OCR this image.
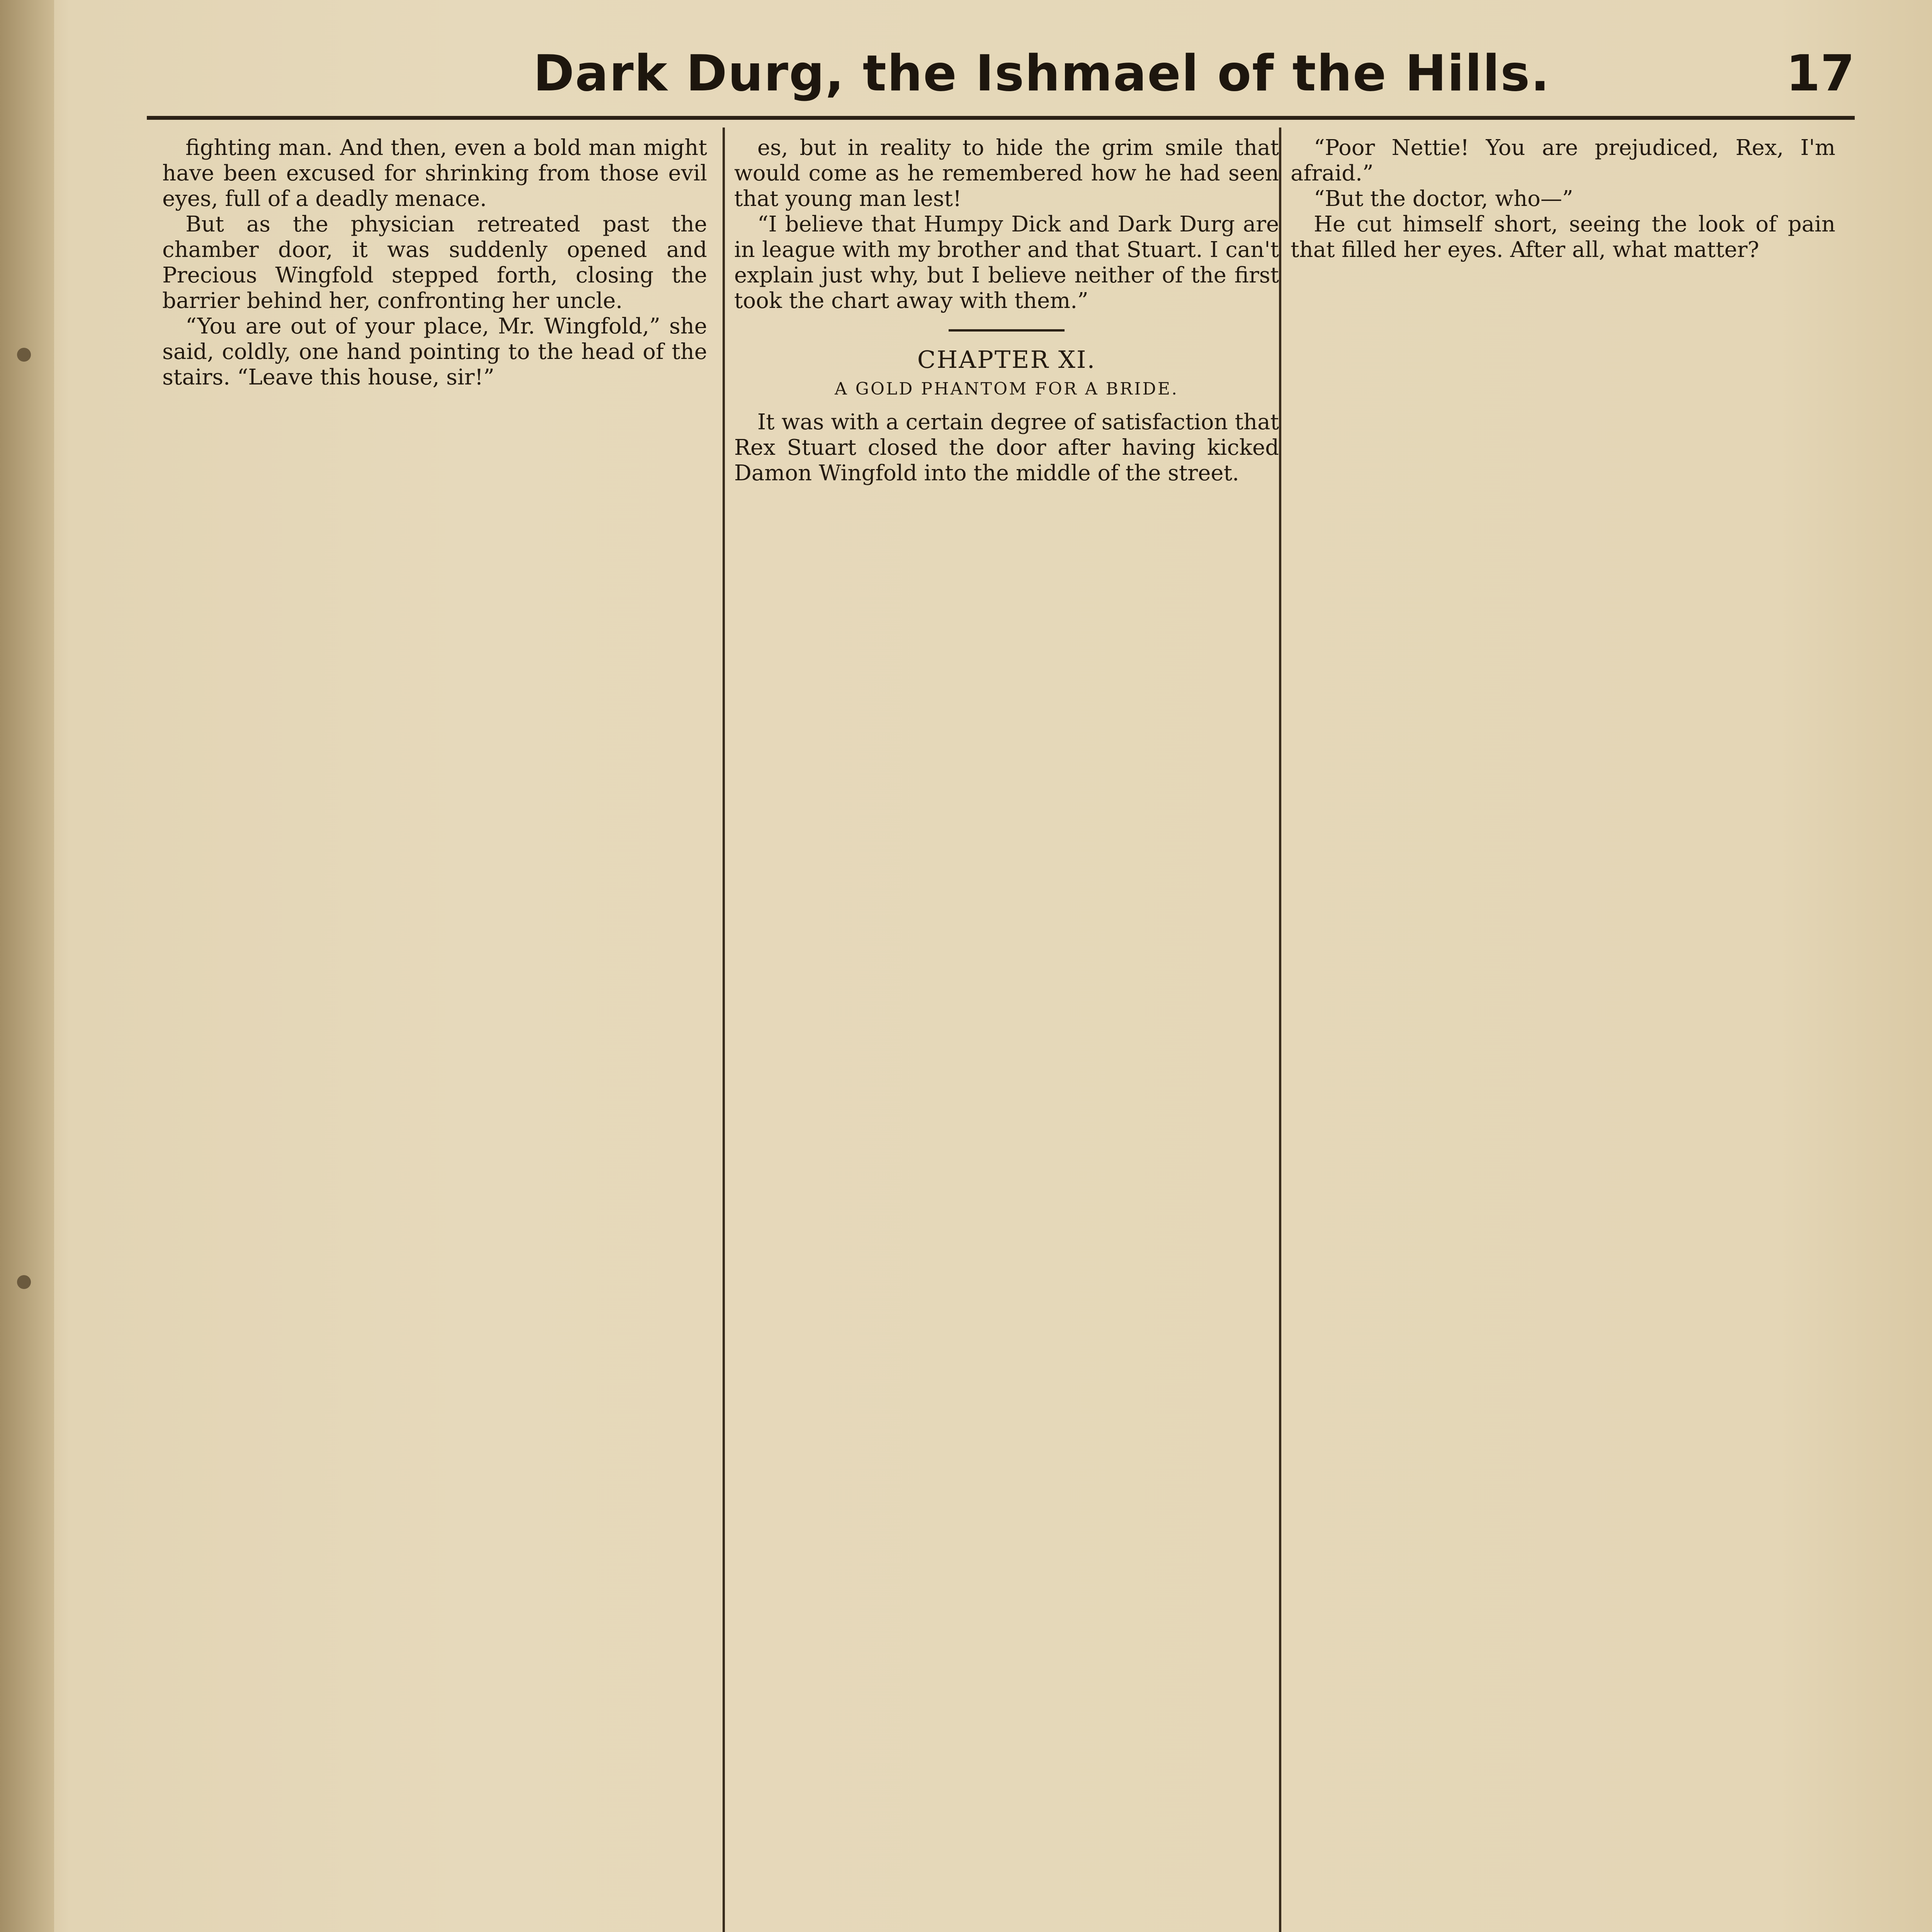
Dark Durg, the Ishmael of the Hills.	17

fighting man. And then, even a bold man might have been excused for shrinking from those evil eyes, full of a deadly menace.

But as the physician retreated past the chamber door, it was suddenly opened and Precious Wingfold stepped forth, closing the barrier behind her, confronting her uncle.

“You are out of your place, Mr. Wingfold,” she said, coldly, one hand pointing to the head of the stairs. “Leave this house, sir!”

es, but in reality to hide the grim smile that would come as he remembered how he had seen that young man lest!

“I believe that Humpy Dick and Dark Durg are in league with my brother and that Stuart. I can't explain just why, but I believe neither of the first took the chart away with them.”

CHAPTER XI.
A GOLD PHANTOM FOR A BRIDE.

It was with a certain degree of satisfaction that Rex Stuart closed the door after having kicked Damon Wingfold into the middle of the street.

“Poor Nettie! You are prejudiced, Rex, I'm afraid.”

“But the doctor, who—”

He cut himself short, seeing the look of pain that filled her eyes. After all, what matter?
